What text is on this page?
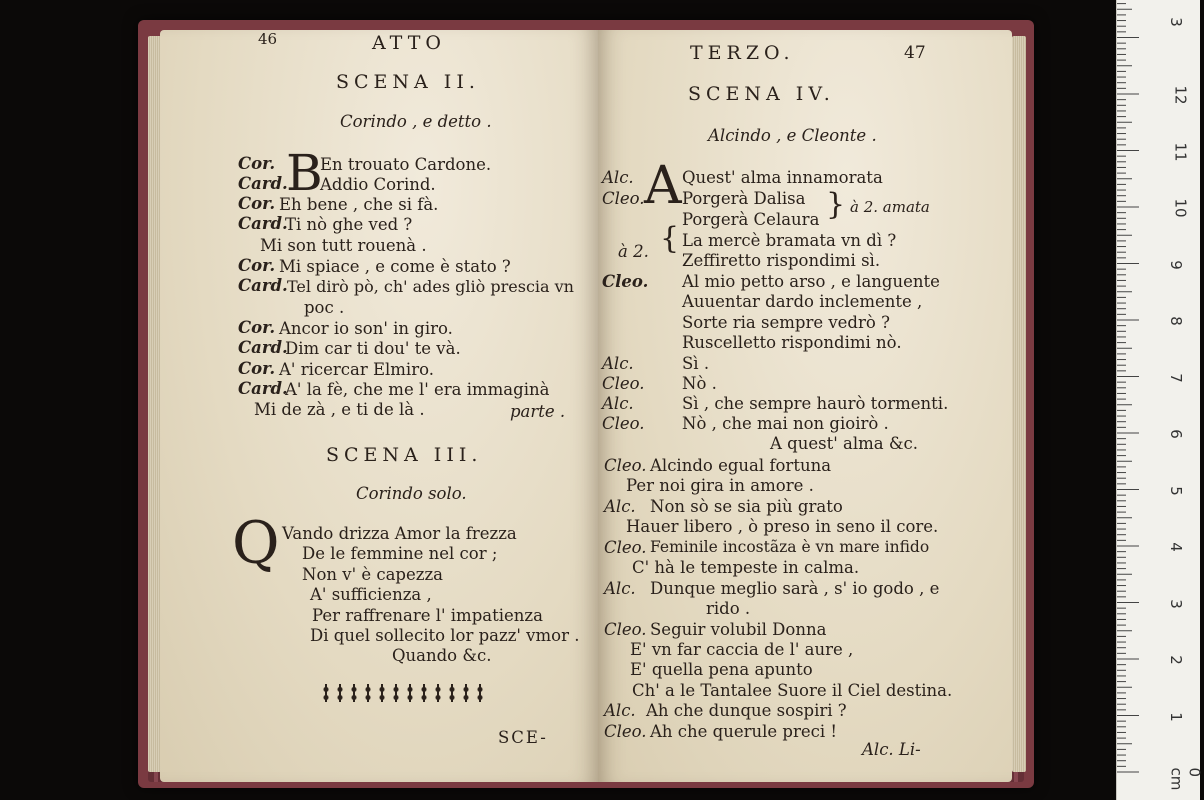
46	ATTO
SCENA II.
Corindo , e detto .
B
Cor.	En trouato Cardone.
Card. Addio Corind.
Cor. Eh bene , che si fà.
Card.
Ti nò ghe ved ?
Mi son tutt rouenà .
Cor. Mi spiace , e come è stato ?
Card. Tel dirò pò, ch' ades gliò prescia vn
poc .
Cor. Ancor io son' in giro.
Card.
Dim car ti dou' te và.
Cor. A' ricercar Elmiro.
Card.
A' la fè, che me l' era immaginà
Mi de zà , e ti de là .	parte .
SCENA III.
Corindo solo.
Q Vando drizza Amor la frezza
De le femmine nel cor ;
Non v' è capezza
A' sufficienza ,
Per raffrenare l' impatienza
Di quel sollecito lor pazz' vmor .
Quando &c.
SCE-
TERZO.	47
SCENA IV.
Alcindo , e Cleonte .
A
Alc.	Quest' alma innamorata
Cleo. Porgerà Dalisa
Porgerà Celaura } à 2. amata
à 2. { La mercè bramata vn dì ?
Zeffiretto rispondimi sì.
Cleo. Al mio petto arso , e languente
Auuentar dardo inclemente ,
Sorte ria sempre vedrò ?
Ruscelletto rispondimi nò.
Alc.	Sì .
Cleo. Nò .
Alc.	Sì , che sempre haurò tormenti.
Cleo. Nò , che mai non gioirò .
A quest' alma &c.
Cleo. Alcindo egual fortuna
Per noi gira in amore .
Alc. Non sò se sia più grato
Hauer libero , ò preso in seno il core.
Cleo. Feminile incostãza è vn mare infido
C' hà le tempeste in calma.
Alc. Dunque meglio sarà , s' io godo , e
rido .
Cleo. Seguir volubil Donna
E' vn far caccia de l' aure ,
E' quella pena apunto
Ch' a le Tantalee Suore il Ciel destina.
Alc. Ah che dunque sospiri ?
Cleo. Ah che querule preci !
Alc. Li-
3
12
11
10
9
8
7
6
5
4
3
2
1
0 cm
